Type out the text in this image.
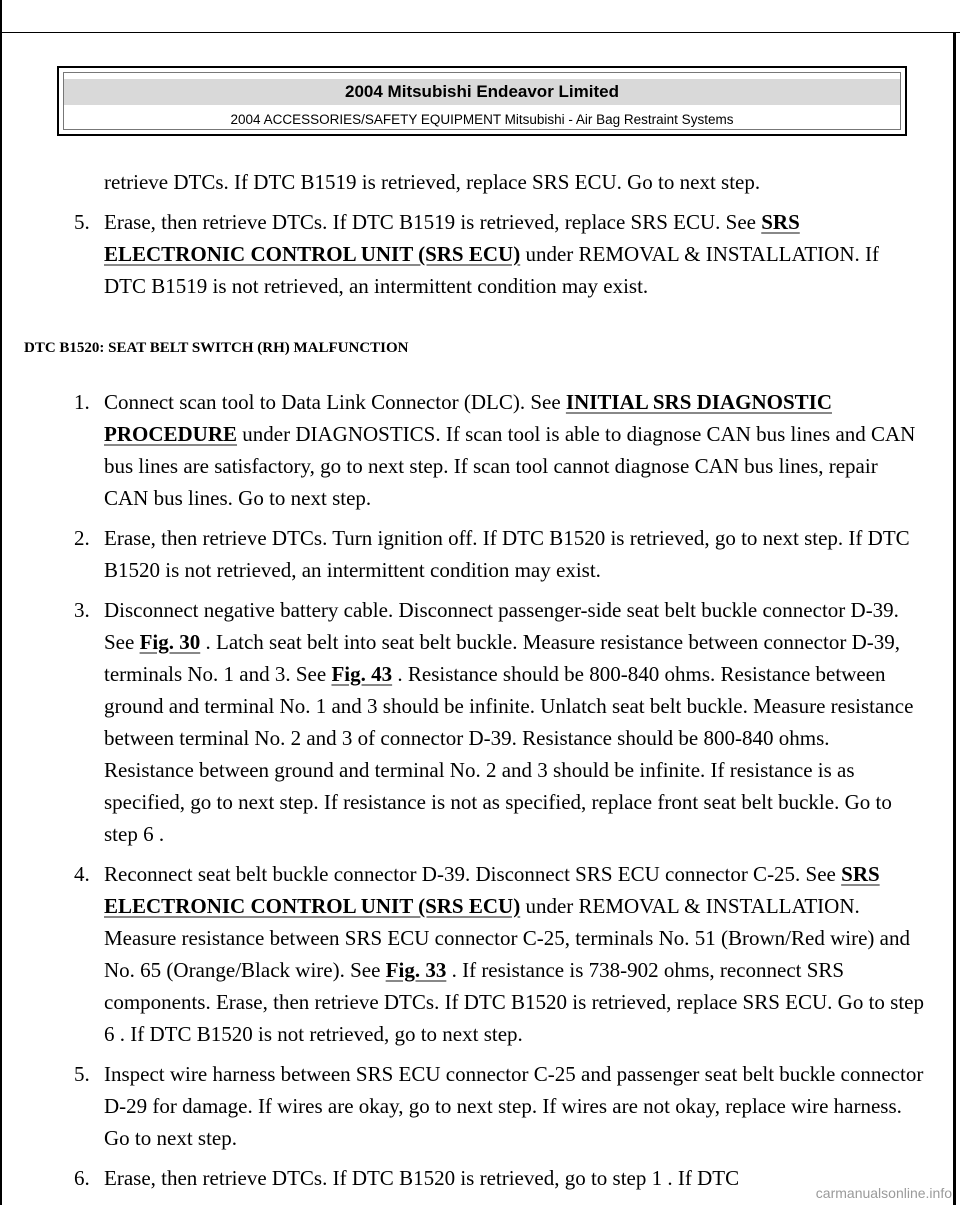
2004 Mitsubishi Endeavor Limited
2004 ACCESSORIES/SAFETY EQUIPMENT Mitsubishi - Air Bag Restraint Systems

retrieve DTCs. If DTC B1519 is retrieved, replace SRS ECU. Go to next step.

5. Erase, then retrieve DTCs. If DTC B1519 is retrieved, replace SRS ECU. See SRS ELECTRONIC CONTROL UNIT (SRS ECU) under REMOVAL & INSTALLATION. If DTC B1519 is not retrieved, an intermittent condition may exist.
DTC B1520: SEAT BELT SWITCH (RH) MALFUNCTION
1. Connect scan tool to Data Link Connector (DLC). See INITIAL SRS DIAGNOSTIC PROCEDURE under DIAGNOSTICS. If scan tool is able to diagnose CAN bus lines and CAN bus lines are satisfactory, go to next step. If scan tool cannot diagnose CAN bus lines, repair CAN bus lines. Go to next step.
2. Erase, then retrieve DTCs. Turn ignition off. If DTC B1520 is retrieved, go to next step. If DTC B1520 is not retrieved, an intermittent condition may exist.
3. Disconnect negative battery cable. Disconnect passenger-side seat belt buckle connector D-39. See Fig. 30 . Latch seat belt into seat belt buckle. Measure resistance between connector D-39, terminals No. 1 and 3. See Fig. 43 . Resistance should be 800-840 ohms. Resistance between ground and terminal No. 1 and 3 should be infinite. Unlatch seat belt buckle. Measure resistance between terminal No. 2 and 3 of connector D-39. Resistance should be 800-840 ohms. Resistance between ground and terminal No. 2 and 3 should be infinite. If resistance is as specified, go to next step. If resistance is not as specified, replace front seat belt buckle. Go to step 6 .
4. Reconnect seat belt buckle connector D-39. Disconnect SRS ECU connector C-25. See SRS ELECTRONIC CONTROL UNIT (SRS ECU) under REMOVAL & INSTALLATION. Measure resistance between SRS ECU connector C-25, terminals No. 51 (Brown/Red wire) and No. 65 (Orange/Black wire). See Fig. 33 . If resistance is 738-902 ohms, reconnect SRS components. Erase, then retrieve DTCs. If DTC B1520 is retrieved, replace SRS ECU. Go to step 6 . If DTC B1520 is not retrieved, go to next step.
5. Inspect wire harness between SRS ECU connector C-25 and passenger seat belt buckle connector D-29 for damage. If wires are okay, go to next step. If wires are not okay, replace wire harness. Go to next step.
6. Erase, then retrieve DTCs. If DTC B1520 is retrieved, go to step 1 . If DTC
carmanualsonline.info
